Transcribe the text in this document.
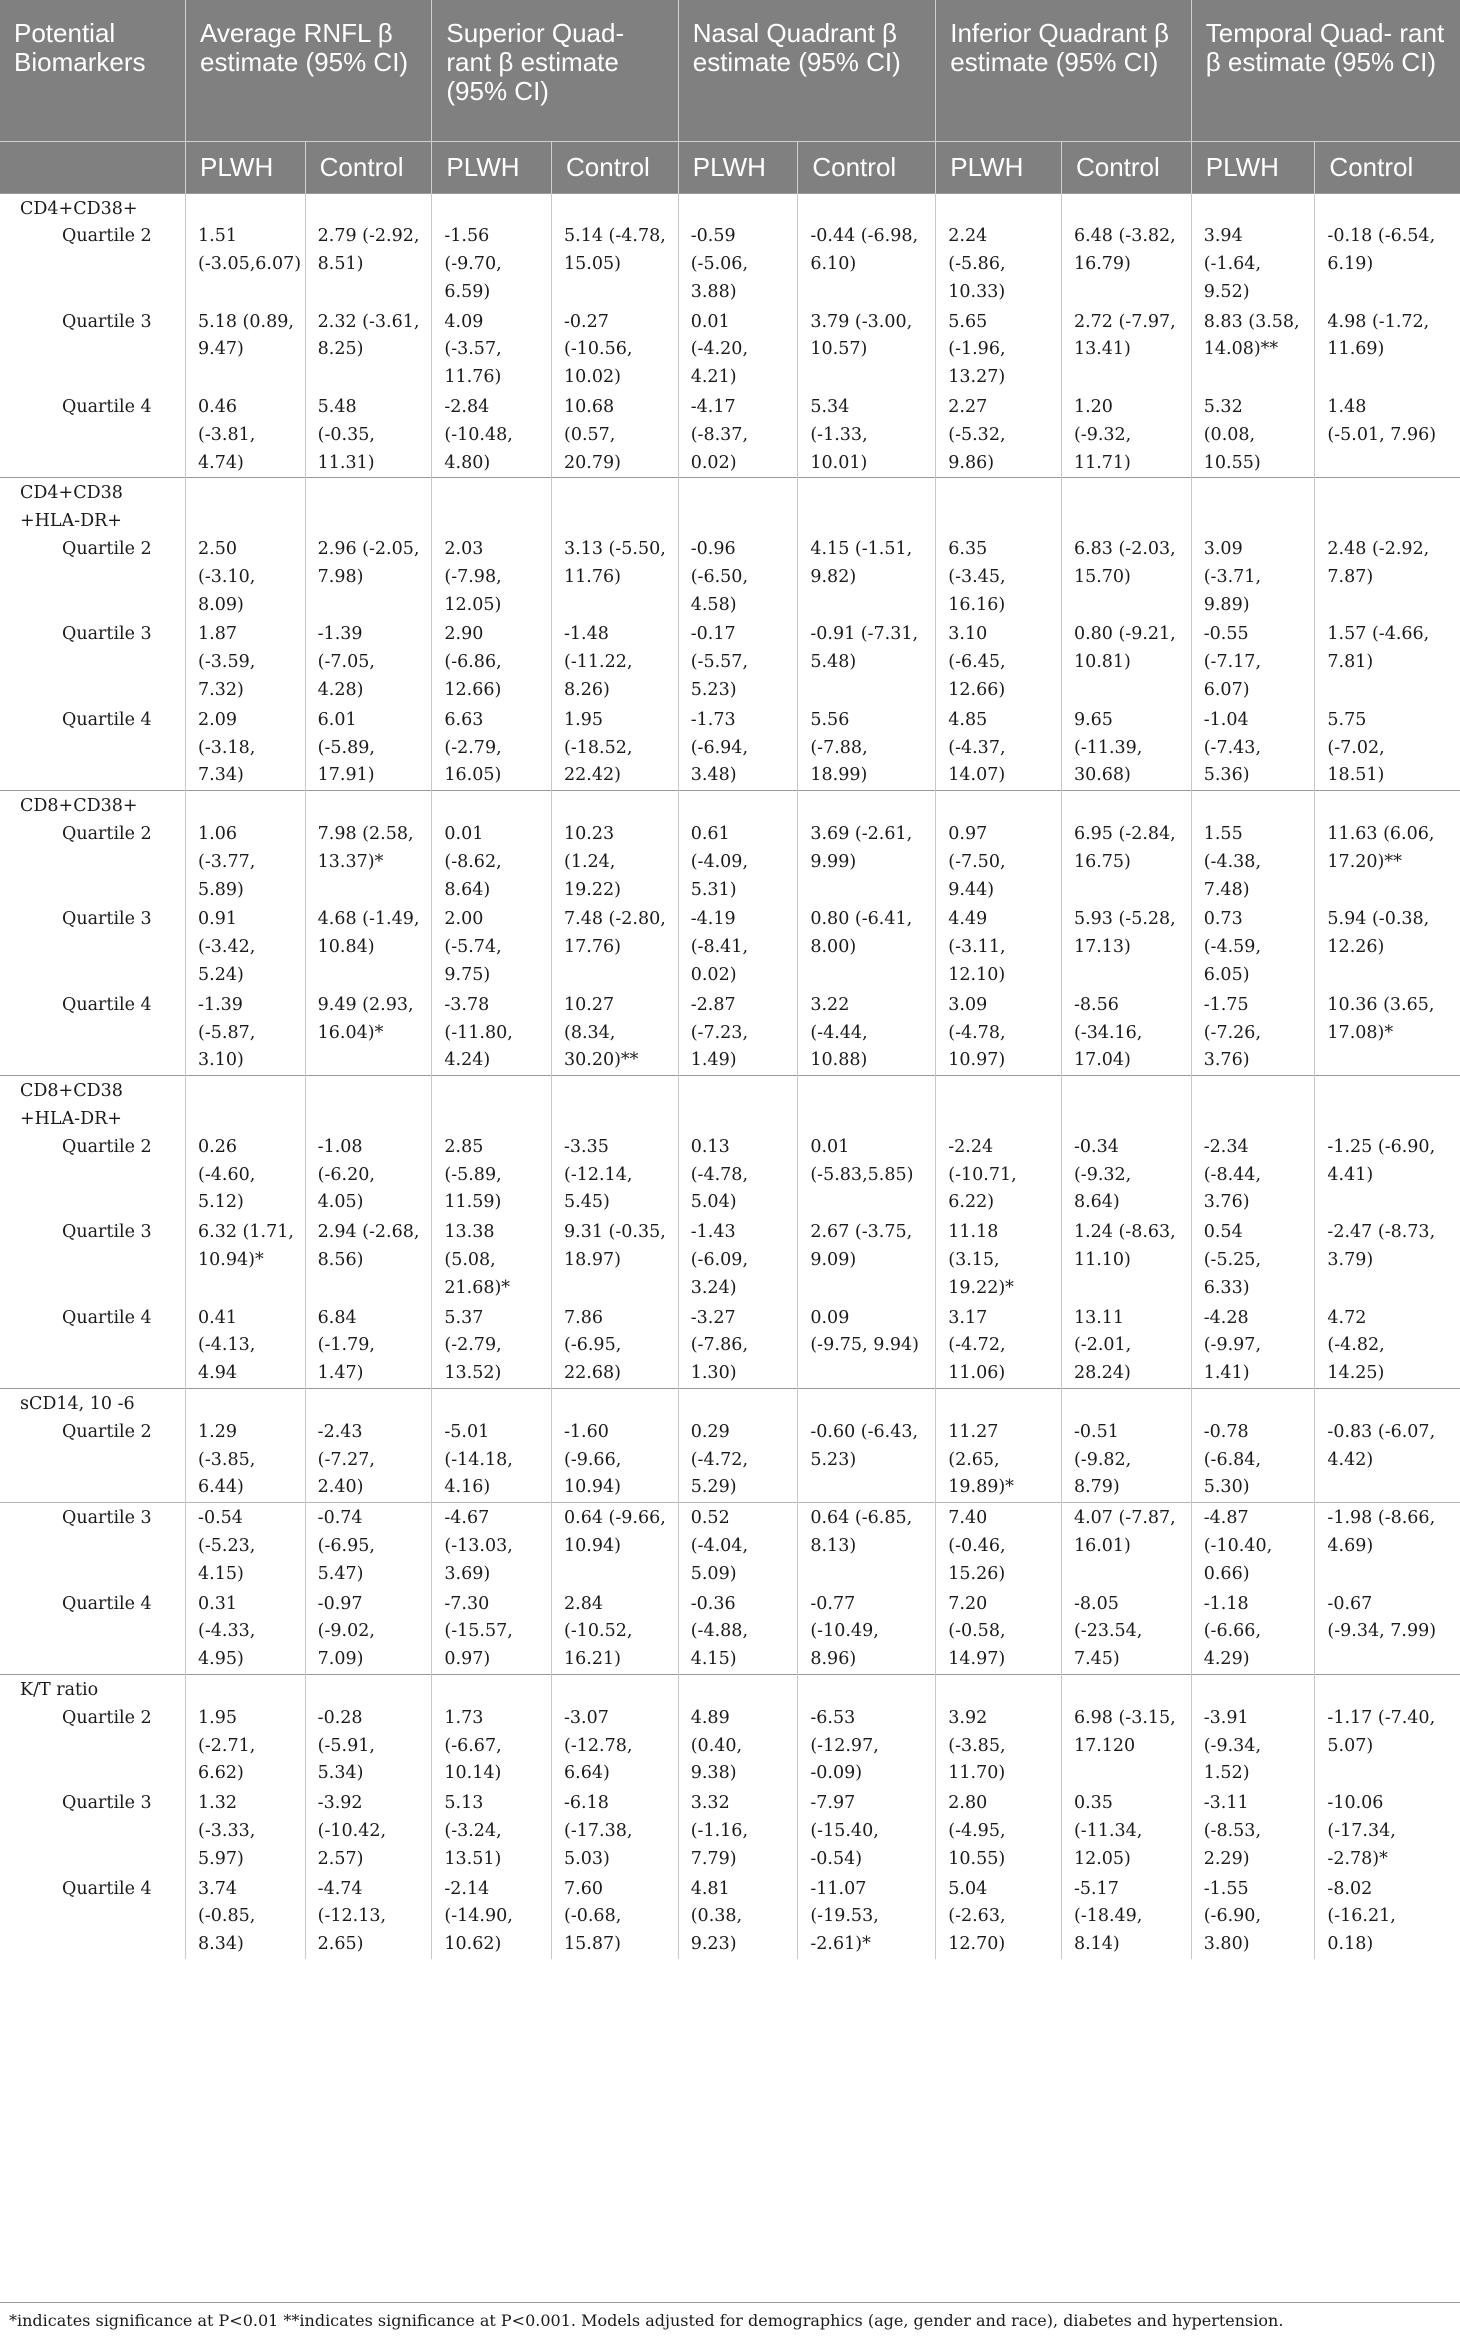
Potential Biomarkers	Average RNFL β estimate (95% CI)		Superior Quad- rant β estimate (95% CI)		Nasal Quadrant β estimate (95% CI)		Inferior Quadrant β estimate (95% CI)		Temporal Quad- rant β estimate (95% CI)	
	PLWH	Control	PLWH	Control	PLWH	Control	PLWH	Control	PLWH	Control

CD4+CD38+
Quartile 2	1.51
(-3.05,6.07)	2.79 (-2.92,
8.51)	-1.56
(-9.70,
6.59)	5.14 (-4.78,
15.05)	-0.59
(-5.06,
3.88)	-0.44 (-6.98,
6.10)	2.24
(-5.86,
10.33)	6.48 (-3.82,
16.79)	3.94
(-1.64,
9.52)	-0.18 (-6.54,
6.19)

Quartile 3	5.18 (0.89,
9.47)	2.32 (-3.61,
8.25)	4.09
(-3.57,
11.76)	-0.27
(-10.56,
10.02)	0.01
(-4.20,
4.21)	3.79 (-3.00,
10.57)	5.65
(-1.96,
13.27)	2.72 (-7.97,
13.41)	8.83 (3.58,
14.08)**	4.98 (-1.72,
11.69)

Quartile 4	0.46
(-3.81,
4.74)	5.48
(-0.35,
11.31)	-2.84
(-10.48,
4.80)	10.68
(0.57,
20.79)	-4.17
(-8.37,
0.02)	5.34
(-1.33,
10.01)	2.27
(-5.32,
9.86)	1.20
(-9.32,
11.71)	5.32
(0.08,
10.55)	1.48
(-5.01, 7.96)

CD4+CD38
+HLA-DR+
Quartile 2	2.50 (-3.10,
8.09)	2.96 (-2.05,
7.98)	2.03
(-7.98,
12.05)	3.13 (-5.50,
11.76)	-0.96
(-6.50,
4.58)	4.15 (-1.51,
9.82)	6.35
(-3.45,
16.16)	6.83 (-2.03,
15.70)	3.09
(-3.71,
9.89)	2.48 (-2.92,
7.87)

Quartile 3	1.87 (-3.59,
7.32)	-1.39
(-7.05,
4.28)	2.90
(-6.86,
12.66)	-1.48
(-11.22,
8.26)	-0.17
(-5.57,
5.23)	-0.91 (-7.31,
5.48)	3.10
(-6.45,
12.66)	0.80 (-9.21,
10.81)	-0.55
(-7.17,
6.07)	1.57 (-4.66,
7.81)

Quartile 4	2.09
(-3.18,
7.34)	6.01
(-5.89,
17.91)	6.63
(-2.79,
16.05)	1.95
(-18.52,
22.42)	-1.73
(-6.94,
3.48)	5.56
(-7.88,
18.99)	4.85
(-4.37,
14.07)	9.65
(-11.39,
30.68)	-1.04
(-7.43,
5.36)	5.75
(-7.02,
18.51)

CD8+CD38+
Quartile 2	1.06 (-3.77,
5.89)	7.98 (2.58,
13.37)*	0.01
(-8.62,
8.64)	10.23 (1.24,
19.22)	0.61
(-4.09,
5.31)	3.69 (-2.61,
9.99)	0.97
(-7.50,
9.44)	6.95 (-2.84,
16.75)	1.55
(-4.38,
7.48)	11.63 (6.06,
17.20)**

Quartile 3	0.91 (-3.42,
5.24)	4.68 (-1.49,
10.84)	2.00
(-5.74,
9.75)	7.48 (-2.80,
17.76)	-4.19
(-8.41,
0.02)	0.80 (-6.41,
8.00)	4.49
(-3.11,
12.10)	5.93 (-5.28,
17.13)	0.73
(-4.59,
6.05)	5.94 (-0.38,
12.26)

Quartile 4	-1.39
(-5.87,
3.10)	9.49 (2.93,
16.04)*	-3.78
(-11.80,
4.24)	10.27 (8.34,
30.20)**	-2.87
(-7.23,
1.49)	3.22
(-4.44,
10.88)	3.09
(-4.78,
10.97)	-8.56
(-34.16,
17.04)	-1.75
(-7.26,
3.76)	10.36 (3.65,
17.08)*

CD8+CD38
+HLA-DR+
Quartile 2	0.26 (-4.60,
5.12)	-1.08
(-6.20,
4.05)	2.85
(-5.89,
11.59)	-3.35
(-12.14,
5.45)	0.13
(-4.78,
5.04)	0.01
(-5.83,5.85)	-2.24
(-10.71,
6.22)	-0.34
(-9.32,
8.64)	-2.34
(-8.44,
3.76)	-1.25 (-6.90,
4.41)

Quartile 3	6.32 (1.71,
10.94)*	2.94 (-2.68,
8.56)	13.38
(5.08,
21.68)*	9.31 (-0.35,
18.97)	-1.43
(-6.09,
3.24)	2.67 (-3.75,
9.09)	11.18
(3.15,
19.22)*	1.24 (-8.63,
11.10)	0.54
(-5.25,
6.33)	-2.47 (-8.73,
3.79)

Quartile 4	0.41
(-4.13, 4.94	6.84
(-1.79,
1.47)	5.37
(-2.79,
13.52)	7.86
(-6.95,
22.68)	-3.27
(-7.86,
1.30)	0.09
(-9.75, 9.94)	3.17
(-4.72,
11.06)	13.11
(-2.01,
28.24)	-4.28
(-9.97,
1.41)	4.72
(-4.82,
14.25)

sCD14, 10 -6
Quartile 2	1.29 (-3.85,
6.44)	-2.43
(-7.27,
2.40)	-5.01
(-14.18,
4.16)	-1.60
(-9.66,
10.94)	0.29
(-4.72,
5.29)	-0.60 (-6.43,
5.23)	11.27
(2.65,
19.89)*	-0.51
(-9.82,
8.79)	-0.78
(-6.84,
5.30)	-0.83 (-6.07,
4.42)

Quartile 3	-0.54
(-5.23,
4.15)	-0.74
(-6.95,
5.47)	-4.67
(-13.03,
3.69)	0.64 (-9.66,
10.94)	0.52
(-4.04,
5.09)	0.64 (-6.85,
8.13)	7.40
(-0.46,
15.26)	4.07 (-7.87,
16.01)	-4.87
(-10.40,
0.66)	-1.98 (-8.66,
4.69)

Quartile 4	0.31
(-4.33,
4.95)	-0.97
(-9.02,
7.09)	-7.30
(-15.57,
0.97)	2.84
(-10.52,
16.21)	-0.36
(-4.88,
4.15)	-0.77
(-10.49,
8.96)	7.20
(-0.58,
14.97)	-8.05
(-23.54,
7.45)	-1.18
(-6.66,
4.29)	-0.67
(-9.34, 7.99)

K/T ratio
Quartile 2	1.95 (-2.71,
6.62)	-0.28
(-5.91,
5.34)	1.73
(-6.67,
10.14)	-3.07
(-12.78,
6.64)	4.89
(0.40,
9.38)	-6.53
(-12.97,
-0.09)	3.92
(-3.85,
11.70)	6.98 (-3.15,
17.120	-3.91
(-9.34,
1.52)	-1.17 (-7.40,
5.07)

Quartile 3	1.32 (-3.33,
5.97)	-3.92
(-10.42,
2.57)	5.13
(-3.24,
13.51)	-6.18
(-17.38,
5.03)	3.32
(-1.16,
7.79)	-7.97
(-15.40,
-0.54)	2.80
(-4.95,
10.55)	0.35
(-11.34,
12.05)	-3.11
(-8.53,
2.29)	-10.06
(-17.34,
-2.78)*

Quartile 4	3.74
(-0.85,
8.34)	-4.74
(-12.13,
2.65)	-2.14
(-14.90,
10.62)	7.60
(-0.68,
15.87)	4.81
(0.38,
9.23)	-11.07
(-19.53,
-2.61)*	5.04
(-2.63,
12.70)	-5.17
(-18.49,
8.14)	-1.55
(-6.90,
3.80)	-8.02
(-16.21,
0.18)
*indicates significance at P<0.01 **indicates significance at P<0.001. Models adjusted for demographics (age, gender and race), diabetes and hypertension.
